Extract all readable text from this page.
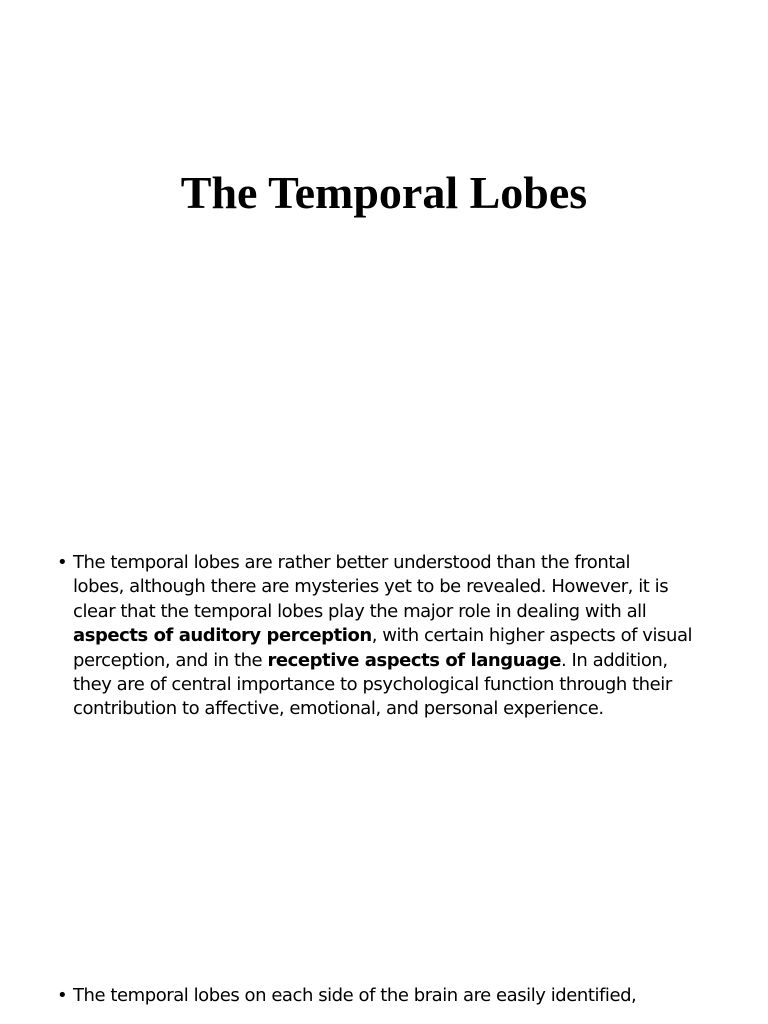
The Temporal Lobes
• The temporal lobes are rather better understood than the frontal
lobes, although there are mysteries yet to be revealed. However, it is
clear that the temporal lobes play the major role in dealing with all
aspects of auditory perception, with certain higher aspects of visual
perception, and in the receptive aspects of language. In addition,
they are of central importance to psychological function through their
contribution to affective, emotional, and personal experience.
• The temporal lobes on each side of the brain are easily identified,
